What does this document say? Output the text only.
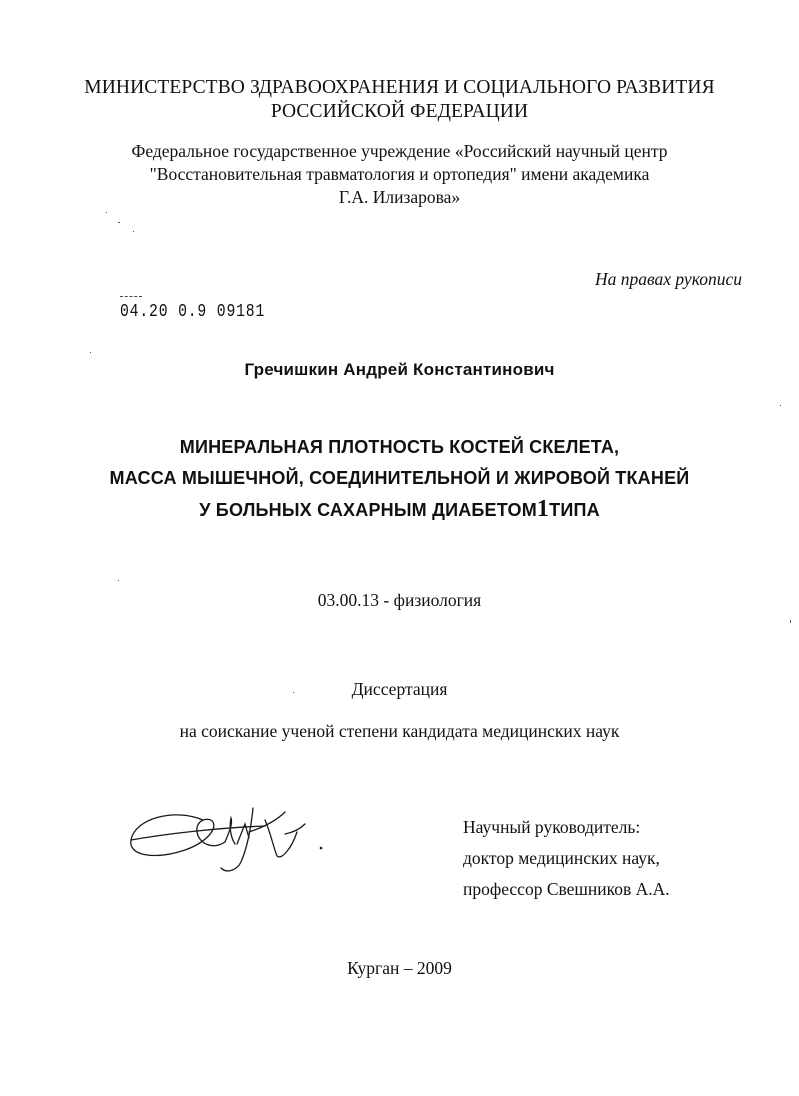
МИНИСТЕРСТВО ЗДРАВООХРАНЕНИЯ И СОЦИАЛЬНОГО РАЗВИТИЯ
РОССИЙСКОЙ ФЕДЕРАЦИИ
Федеральное государственное учреждение «Российский научный центр
"Восстановительная травматология и ортопедия" имени академика
Г.А. Илизарова»
На правах рукописи
04.20 0.9 09181
Гречишкин Андрей Константинович
МИНЕРАЛЬНАЯ ПЛОТНОСТЬ КОСТЕЙ СКЕЛЕТА,
МАССА МЫШЕЧНОЙ, СОЕДИНИТЕЛЬНОЙ И ЖИРОВОЙ ТКАНЕЙ
У БОЛЬНЫХ САХАРНЫМ ДИАБЕТОМ1ТИПА
03.00.13 - физиология
Диссертация
на соискание ученой степени кандидата медицинских наук
Научный руководитель:
доктор медицинских наук,
профессор Свешников А.А.
Курган – 2009
